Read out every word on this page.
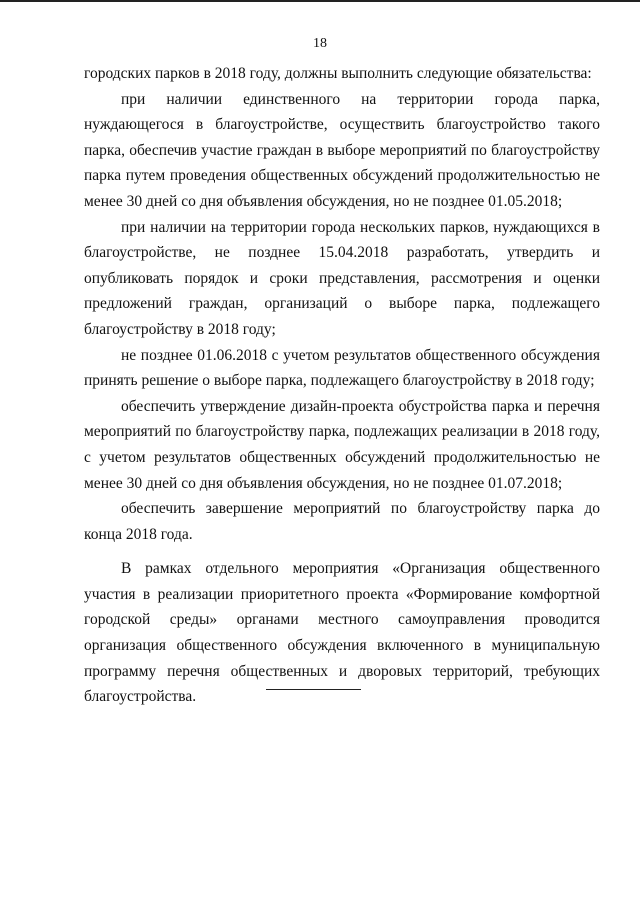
18

городских парков в 2018 году, должны выполнить следующие обязательства:

при наличии единственного на территории города парка, нуждающегося в благоустройстве, осуществить благоустройство такого парка, обеспечив участие граждан в выборе мероприятий по благоустройству парка путем проведения общественных обсуждений продолжительностью не менее 30 дней со дня объявления обсуждения, но не позднее 01.05.2018;

при наличии на территории города нескольких парков, нуждающихся в благоустройстве, не позднее 15.04.2018 разработать, утвердить и опубликовать порядок и сроки представления, рассмотрения и оценки предложений граждан, организаций о выборе парка, подлежащего благоустройству в 2018 году;

не позднее 01.06.2018 с учетом результатов общественного обсуждения принять решение о выборе парка, подлежащего благоустройству в 2018 году;

обеспечить утверждение дизайн-проекта обустройства парка и перечня мероприятий по благоустройству парка, подлежащих реализации в 2018 году, с учетом результатов общественных обсуждений продолжительностью не менее 30 дней со дня объявления обсуждения, но не позднее 01.07.2018;

обеспечить завершение мероприятий по благоустройству парка до конца 2018 года.

В рамках отдельного мероприятия «Организация общественного участия в реализации приоритетного проекта «Формирование комфортной городской среды» органами местного самоуправления проводится организация общественного обсуждения включенного в муниципальную программу перечня общественных и дворовых территорий, требующих благоустройства.
